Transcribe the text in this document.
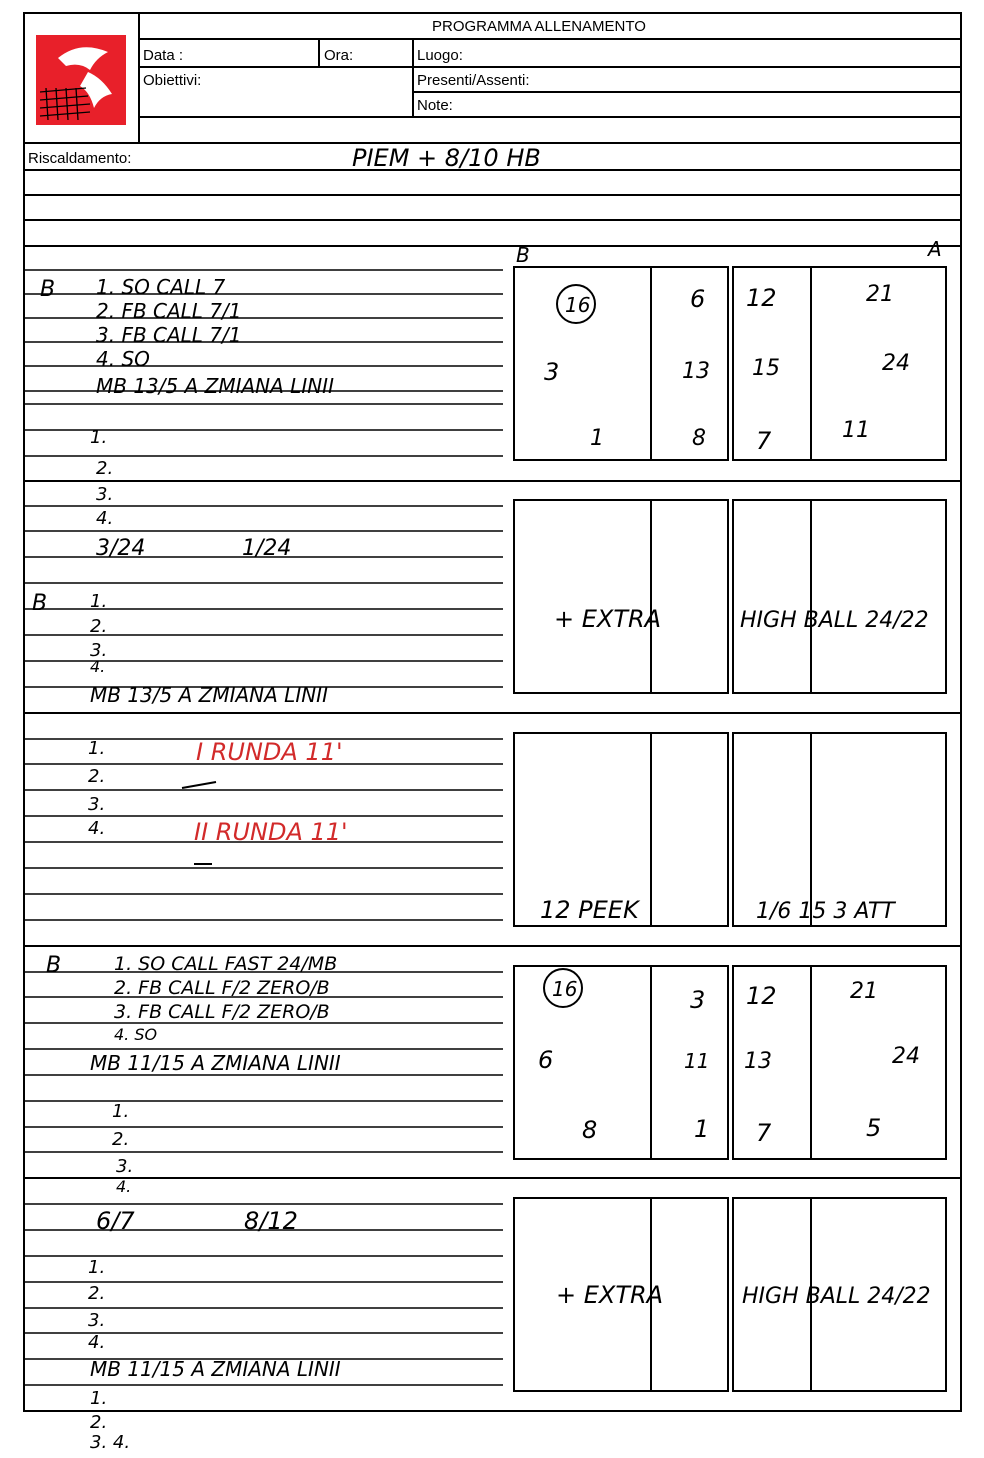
PROGRAMMA ALLENAMENTO
Data :	Ora:	Luogo:
Obiettivi:	Presenti/Assenti:
Note:
Riscaldamento:	PIEM + 8/10 HB
B 1. SO CALL 7
2. FB CALL 7/1
3. FB CALL 7/1
4. SO
MB 13/5 A ZMIANA LINII
1.
2.
3.
4.
3/24	1/24
B	A
16
3
1
6
13
8
12
15
7
21
24
11
B 1.
2.
3.
4.
MB 13/5 A ZMIANA LINII
+ EXTRA	HIGH BALL 24/22
1.
2.
3.
4.
I RUNDA 11'
II RUNDA 11'
12 PEEK	1/6 15 3 ATT
B	1. SO CALL FAST 24/MB
2. FB CALL F/2 ZERO/B
3. FB CALL F/2 ZERO/B
4. SO
MB 11/15 A ZMIANA LINII
1.
2.
3.
4.
6/7	8/12
16
6
8
3
11
1
12
13
7
21
24
5
1.
2.
3.
4.
MB 11/15 A ZMIANA LINII
1.
2.
3. 4.
+ EXTRA	HIGH BALL 24/22
